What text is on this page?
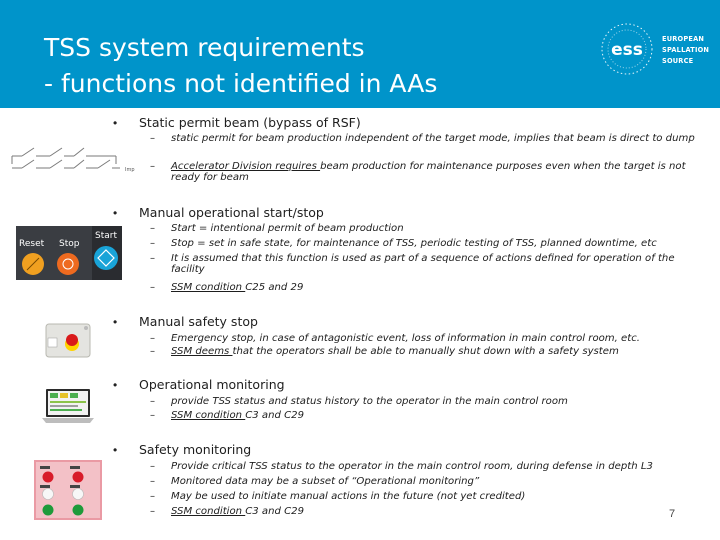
TSS system requirements
- functions not identified in AAs
ess
EUROPEAN
SPALLATION
SOURCE
Imp
Reset Stop
Start
• Static permit beam (bypass of RSF)
– static permit for beam production independent of the target mode, implies that beam is direct to dump
– Accelerator Division requires beam production for maintenance purposes even when the target is not ready for beam
• Manual operational start/stop
– Start = intentional permit of beam production
– Stop = set in safe state, for maintenance of TSS, periodic testing of TSS, planned downtime, etc
– It is assumed that this function is used as part of a sequence of actions defined for operation of the facility
– SSM condition C25 and 29
• Manual safety stop
– Emergency stop, in case of antagonistic event, loss of information in main control room, etc.
– SSM deems that the operators shall be able to manually shut down with a safety system
• Operational monitoring
– provide TSS status and status history to the operator in the main control room
– SSM condition C3 and C29
• Safety monitoring
– Provide critical TSS status to the operator in the main control room, during defense in depth L3
– Monitored data may be a subset of “Operational monitoring”
– May be used to initiate manual actions in the future (not yet credited)
– SSM condition C3 and C29	7
